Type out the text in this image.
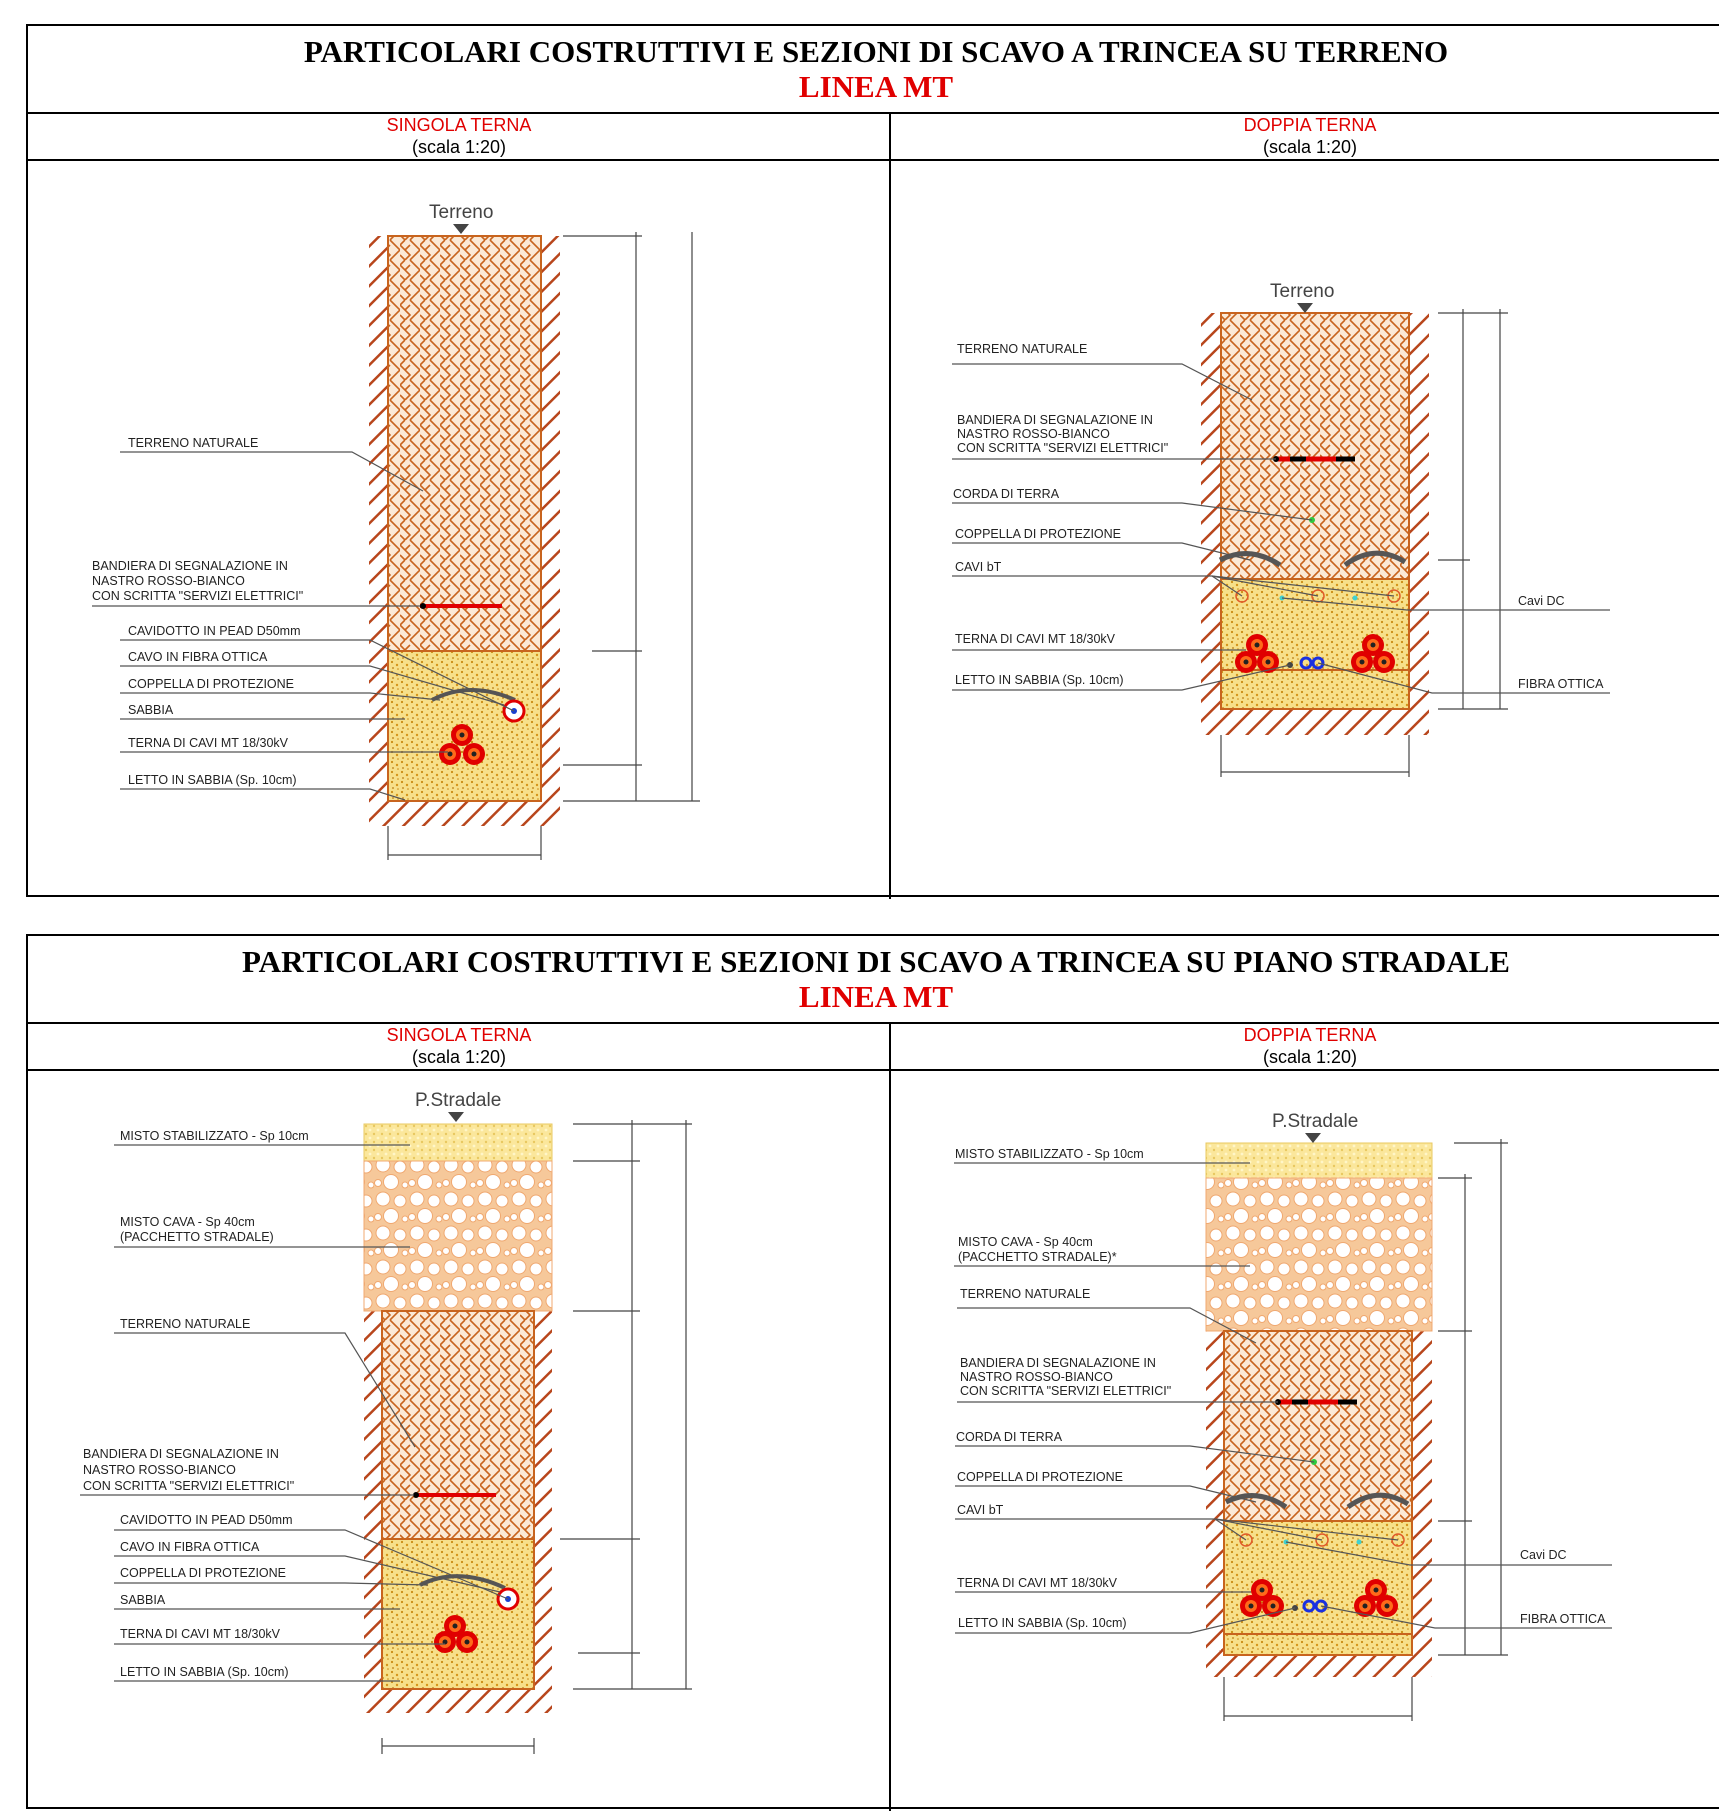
PARTICOLARI COSTRUTTIVI E SEZIONI DI SCAVO A TRINCEA SU TERRENO
LINEA MT
SINGOLA TERNA
(scala 1:20)
DOPPIA TERNA
(scala 1:20)
PARTICOLARI COSTRUTTIVI E SEZIONI DI SCAVO A TRINCEA SU PIANO STRADALE
LINEA MT
SINGOLA TERNA
(scala 1:20)
DOPPIA TERNA
(scala 1:20)
Terreno
TERRENO NATURALE
BANDIERA DI SEGNALAZIONE IN
NASTRO ROSSO-BIANCO
CON SCRITTA "SERVIZI ELETTRICI"
CAVIDOTTO IN PEAD D50mm
CAVO IN FIBRA OTTICA
COPPELLA DI PROTEZIONE
SABBIA
TERNA DI CAVI MT 18/30kV
LETTO IN SABBIA (Sp. 10cm)
Terreno
TERRENO NATURALE
BANDIERA DI SEGNALAZIONE IN
NASTRO ROSSO-BIANCO
CON SCRITTA "SERVIZI ELETTRICI"
CORDA DI TERRA
COPPELLA DI PROTEZIONE
CAVI bT
TERNA DI CAVI MT 18/30kV
LETTO IN SABBIA (Sp. 10cm)
Cavi DC
FIBRA OTTICA
P.Stradale
MISTO STABILIZZATO - Sp 10cm
MISTO CAVA - Sp 40cm
(PACCHETTO STRADALE)
TERRENO NATURALE
BANDIERA DI SEGNALAZIONE IN
NASTRO ROSSO-BIANCO
CON SCRITTA "SERVIZI ELETTRICI"
CAVIDOTTO IN PEAD D50mm
CAVO IN FIBRA OTTICA
COPPELLA DI PROTEZIONE
SABBIA
TERNA DI CAVI MT 18/30kV
LETTO IN SABBIA (Sp. 10cm)
P.Stradale
MISTO STABILIZZATO - Sp 10cm
MISTO CAVA - Sp 40cm
(PACCHETTO STRADALE)*
TERRENO NATURALE
BANDIERA DI SEGNALAZIONE IN
NASTRO ROSSO-BIANCO
CON SCRITTA "SERVIZI ELETTRICI"
CORDA DI TERRA
COPPELLA DI PROTEZIONE
CAVI bT
TERNA DI CAVI MT 18/30kV
LETTO IN SABBIA (Sp. 10cm)
Cavi DC
FIBRA OTTICA
